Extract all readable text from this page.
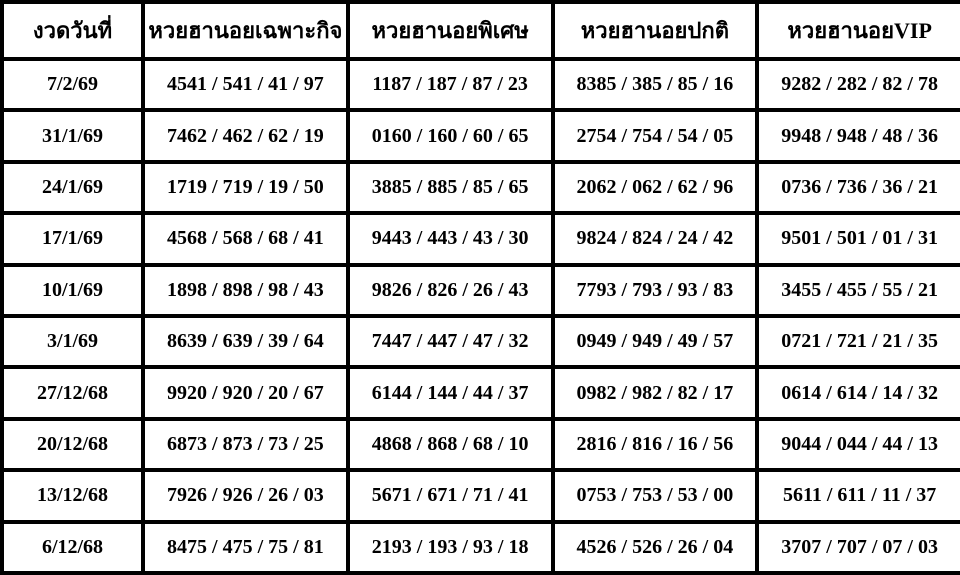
งวดวันที่	หวยฮานอยเฉพาะกิจ	หวยฮานอยพิเศษ	หวยฮานอยปกติ	หวยฮานอยVIP
7/2/69	4541 / 541 / 41 / 97	1187 / 187 / 87 / 23	8385 / 385 / 85 / 16	9282 / 282 / 82 / 78
31/1/69	7462 / 462 / 62 / 19	0160 / 160 / 60 / 65	2754 / 754 / 54 / 05	9948 / 948 / 48 / 36
24/1/69	1719 / 719 / 19 / 50	3885 / 885 / 85 / 65	2062 / 062 / 62 / 96	0736 / 736 / 36 / 21
17/1/69	4568 / 568 / 68 / 41	9443 / 443 / 43 / 30	9824 / 824 / 24 / 42	9501 / 501 / 01 / 31
10/1/69	1898 / 898 / 98 / 43	9826 / 826 / 26 / 43	7793 / 793 / 93 / 83	3455 / 455 / 55 / 21
3/1/69	8639 / 639 / 39 / 64	7447 / 447 / 47 / 32	0949 / 949 / 49 / 57	0721 / 721 / 21 / 35
27/12/68	9920 / 920 / 20 / 67	6144 / 144 / 44 / 37	0982 / 982 / 82 / 17	0614 / 614 / 14 / 32
20/12/68	6873 / 873 / 73 / 25	4868 / 868 / 68 / 10	2816 / 816 / 16 / 56	9044 / 044 / 44 / 13
13/12/68	7926 / 926 / 26 / 03	5671 / 671 / 71 / 41	0753 / 753 / 53 / 00	5611 / 611 / 11 / 37
6/12/68	8475 / 475 / 75 / 81	2193 / 193 / 93 / 18	4526 / 526 / 26 / 04	3707 / 707 / 07 / 03
